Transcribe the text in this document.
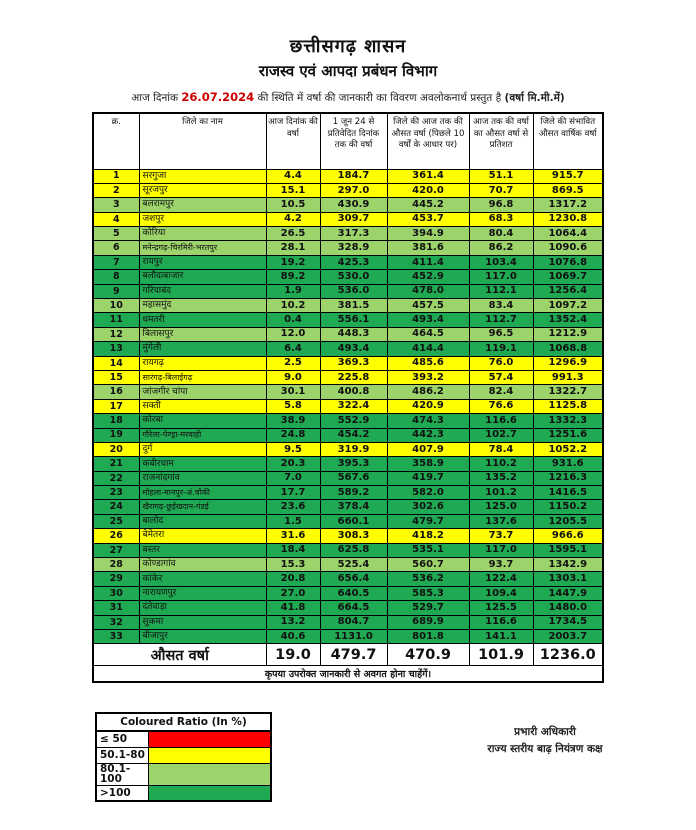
छत्तीसगढ़ शासन
राजस्व एवं आपदा प्रबंधन विभाग
आज दिनांक 26.07.2024 की स्थिति में वर्षा की जानकारी का विवरण अवलोकनार्थ प्रस्तुत है (वर्षा मि.मी.में)
क्र.	जिले का नाम	आज दिनांक की वर्षा	1 जून 24 से प्रतिवेदित दिनांक तक की वर्षा	जिले की आज तक की औसत वर्षा (पिछले 10 वर्षों के आधार पर)	आज तक की वर्षा का औसत वर्षा से प्रतिशत	जिले की संभावित औसत वार्षिक वर्षा
1	सरगुजा	4.4	184.7	361.4	51.1	915.7
2	सूरजपुर	15.1	297.0	420.0	70.7	869.5
3	बलरामपुर	10.5	430.9	445.2	96.8	1317.2
4	जशपुर	4.2	309.7	453.7	68.3	1230.8
5	कोरिया	26.5	317.3	394.9	80.4	1064.4
6	मनेन्द्रगढ़-चिरमिरी-भरतपुर	28.1	328.9	381.6	86.2	1090.6
7	रायपुर	19.2	425.3	411.4	103.4	1076.8
8	बलौदाबाजार	89.2	530.0	452.9	117.0	1069.7
9	गरियाबंद	1.9	536.0	478.0	112.1	1256.4
10	महासमुंद	10.2	381.5	457.5	83.4	1097.2
11	धमतरी	0.4	556.1	493.4	112.7	1352.4
12	बिलासपुर	12.0	448.3	464.5	96.5	1212.9
13	मुंगेली	6.4	493.4	414.4	119.1	1068.8
14	रायगढ़	2.5	369.3	485.6	76.0	1296.9
15	सारंगढ़-बिलाईगढ़	9.0	225.8	393.2	57.4	991.3
16	जांजगीर चांपा	30.1	400.8	486.2	82.4	1322.7
17	सक्ती	5.8	322.4	420.9	76.6	1125.8
18	कोरबा	38.9	552.9	474.3	116.6	1332.3
19	गौरेला-पेण्ड्रा-मरवाही	24.8	454.2	442.3	102.7	1251.6
20	दुर्ग	9.5	319.9	407.9	78.4	1052.2
21	कबीरधाम	20.3	395.3	358.9	110.2	931.6
22	राजनांदगांव	7.0	567.6	419.7	135.2	1216.3
23	मोहला-मानपुर-अं.चौकी	17.7	589.2	582.0	101.2	1416.5
24	खैरागढ़-छुईखदान-गंडई	23.6	378.4	302.6	125.0	1150.2
25	बालोद	1.5	660.1	479.7	137.6	1205.5
26	बेमेतरा	31.6	308.3	418.2	73.7	966.6
27	बस्तर	18.4	625.8	535.1	117.0	1595.1
28	कोण्डागांव	15.3	525.4	560.7	93.7	1342.9
29	कांकेर	20.8	656.4	536.2	122.4	1303.1
30	नारायणपुर	27.0	640.5	585.3	109.4	1447.9
31	दंतेवाड़ा	41.8	664.5	529.7	125.5	1480.0
32	सुकमा	13.2	804.7	689.9	116.6	1734.5
33	बीजापुर	40.6	1131.0	801.8	141.1	2003.7
औसत वर्षा		19.0	479.7	470.9	101.9	1236.0
कृपया उपरोक्त जानकारी से अवगत होना चाहेंगें।						
Coloured Ratio (In %)	
≤ 50	
50.1-80	
80.1-100	
>100	
प्रभारी अधिकारी
राज्य स्तरीय बाढ़ नियंत्रण कक्ष
